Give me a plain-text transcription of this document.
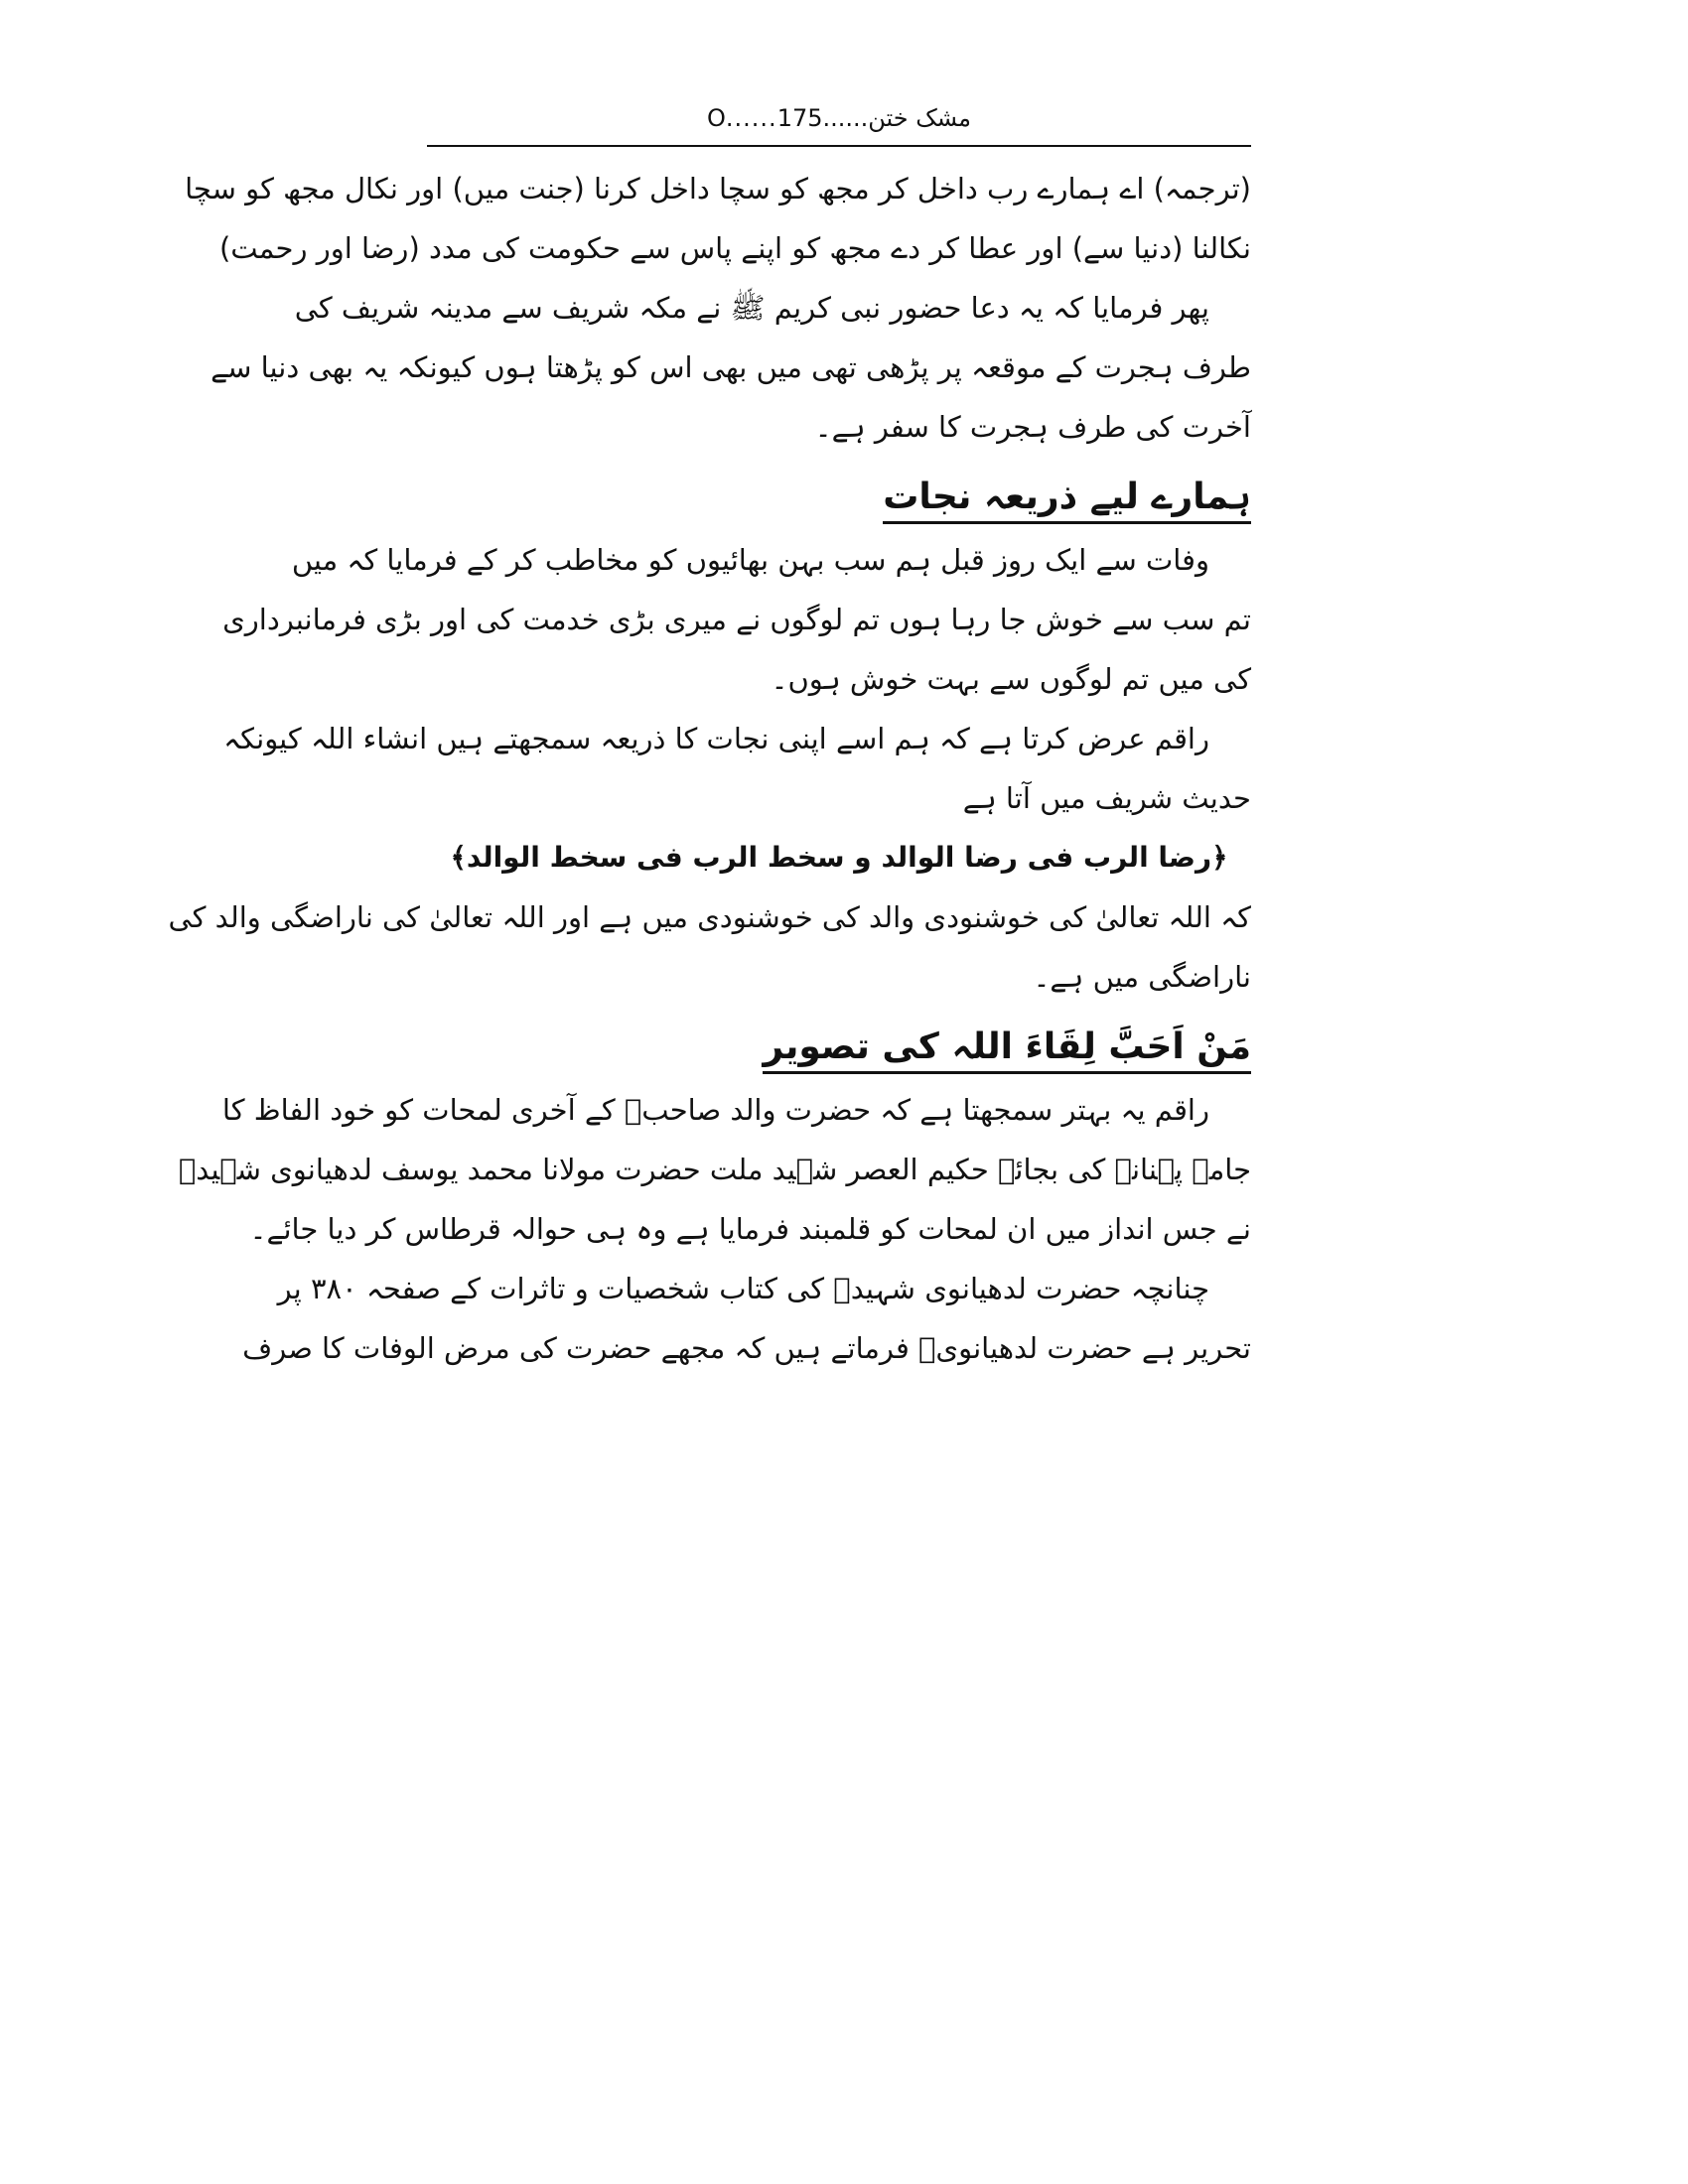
مشک ختن......O......175
(ترجمہ) اے ہمارے رب داخل کر مجھ کو سچا داخل کرنا (جنت میں) اور نکال مجھ کو سچا
نکالنا (دنیا سے) اور عطا کر دے مجھ کو اپنے پاس سے حکومت کی مدد (رضا اور رحمت)
پھر فرمایا کہ یہ دعا حضور نبی کریم ﷺ نے مکہ شریف سے مدینہ شریف کی
طرف ہجرت کے موقعہ پر پڑھی تھی میں بھی اس کو پڑھتا ہوں کیونکہ یہ بھی دنیا سے
آخرت کی طرف ہجرت کا سفر ہے۔
ہمارے لیے ذریعہ نجات
وفات سے ایک روز قبل ہم سب بہن بھائیوں کو مخاطب کر کے فرمایا کہ میں
تم سب سے خوش جا رہا ہوں تم لوگوں نے میری بڑی خدمت کی اور بڑی فرمانبرداری
کی میں تم لوگوں سے بہت خوش ہوں۔
راقم عرض کرتا ہے کہ ہم اسے اپنی نجات کا ذریعہ سمجھتے ہیں انشاء اللہ کیونکہ
حدیث شریف میں آتا ہے
﴿رضا الرب فی رضا الوالد و سخط الرب فی سخط الوالد﴾
کہ اللہ تعالیٰ کی خوشنودی والد کی خوشنودی میں ہے اور اللہ تعالیٰ کی ناراضگی والد کی
ناراضگی میں ہے۔
مَنْ اَحَبَّ لِقَاءَ اللہ کی تصویر
راقم یہ بہتر سمجھتا ہے کہ حضرت والد صاحبؒ کے آخری لمحات کو خود الفاظ کا
جامہ پہنانے کی بجائے حکیم العصر شہید ملت حضرت مولانا محمد یوسف لدھیانوی شہیدؒ
نے جس انداز میں ان لمحات کو قلمبند فرمایا ہے وہ ہی حوالہ قرطاس کر دیا جائے۔
چنانچہ حضرت لدھیانوی شہیدؒ کی کتاب شخصیات و تاثرات کے صفحہ ۳۸۰ پر
تحریر ہے حضرت لدھیانویؒ فرماتے ہیں کہ مجھے حضرت کی مرض الوفات کا صرف
